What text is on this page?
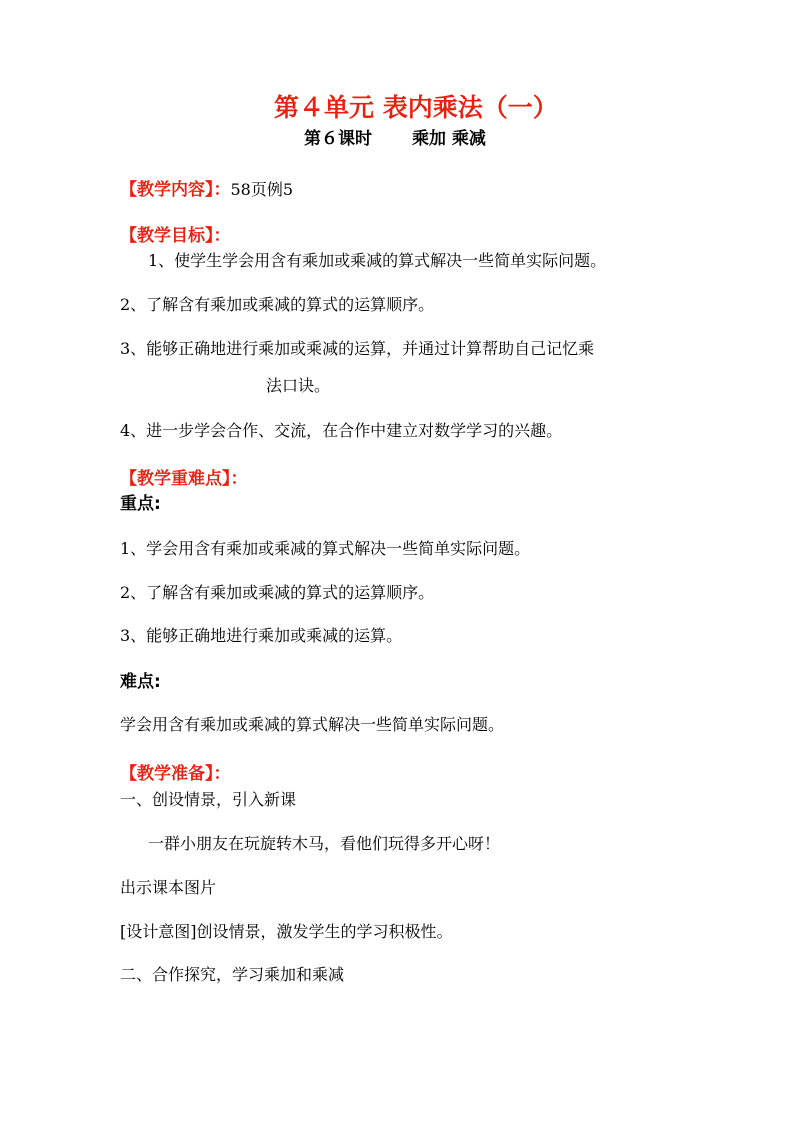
第４单元 表内乘法（一）
第６课时 乘加 乘减
【教学内容】：58页例5
【教学目标】：
1、使学生学会用含有乘加或乘减的算式解决一些简单实际问题。
2、了解含有乘加或乘减的算式的运算顺序。
3、能够正确地进行乘加或乘减的运算，并通过计算帮助自己记忆乘
法口诀。
4、进一步学会合作、交流，在合作中建立对数学学习的兴趣。
【教学重难点】：
重点:
1、学会用含有乘加或乘减的算式解决一些简单实际问题。
2、了解含有乘加或乘减的算式的运算顺序。
3、能够正确地进行乘加或乘减的运算。
难点:
学会用含有乘加或乘减的算式解决一些简单实际问题。
【教学准备】：
一、创设情景，引入新课
一群小朋友在玩旋转木马，看他们玩得多开心呀！
出示课本图片
[设计意图]创设情景，激发学生的学习积极性。
二、合作探究，学习乘加和乘减
